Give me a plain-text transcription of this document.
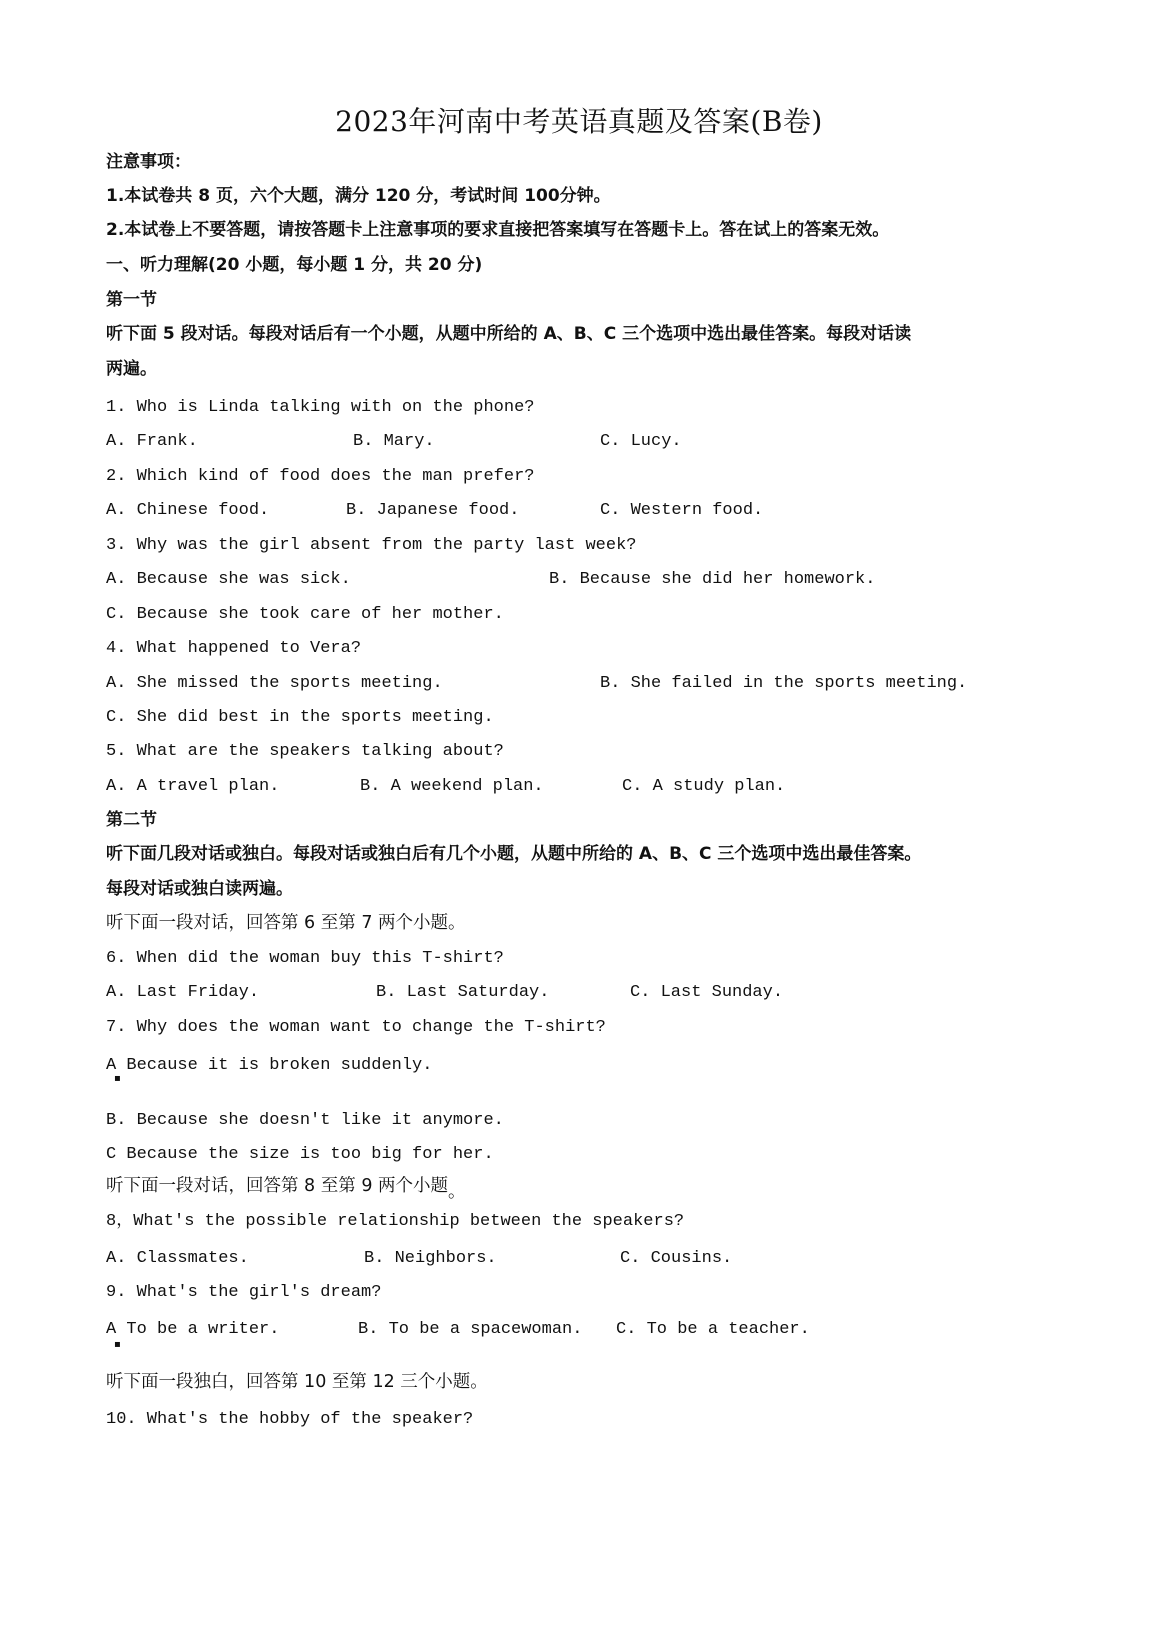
2023年河南中考英语真题及答案(B卷)
注意事项：
1.本试卷共 8 页，六个大题，满分 120 分，考试时间 100分钟。
2.本试卷上不要答题，请按答题卡上注意事项的要求直接把答案填写在答题卡上。答在试上的答案无效。
一、听力理解(20 小题，每小题 1 分，共 20 分)
第一节
听下面 5 段对话。每段对话后有一个小题，从题中所给的 A、B、C 三个选项中选出最佳答案。每段对话读
两遍。
1. Who is Linda talking with on the phone?
A. Frank.	B. Mary.	C. Lucy.
2. Which kind of food does the man prefer?
A. Chinese food.	B. Japanese food.	C. Western food.
3. Why was the girl absent from the party last week?
A. Because she was sick.	B. Because she did her homework.
C. Because she took care of her mother.
4. What happened to Vera?
A. She missed the sports meeting.	B. She failed in the sports meeting.
C. She did best in the sports meeting.
5. What are the speakers talking about?
A. A travel plan.	B. A weekend plan.	C. A study plan.
第二节
听下面几段对话或独白。每段对话或独白后有几个小题，从题中所给的 A、B、C 三个选项中选出最佳答案。
每段对话或独白读两遍。
听下面一段对话，回答第 6 至第 7 两个小题。
6. When did the woman buy this T-shirt?
A. Last Friday.	B. Last Saturday.	C. Last Sunday.
7. Why does the woman want to change the T-shirt?
A Because it is broken suddenly.
▪
B. Because she doesn't like it anymore.
C Because the size is too big for her.
听下面一段对话，回答第 8 至第 9 两个小题。
8，What's the possible relationship between the speakers?
A. Classmates.	B. Neighbors.	C. Cousins.
9. What's the girl's dream?
A To be a writer.	B. To be a spacewoman. C. To be a teacher.
▪
听下面一段独白，回答第 10 至第 12 三个小题。
10. What's the hobby of the speaker?
